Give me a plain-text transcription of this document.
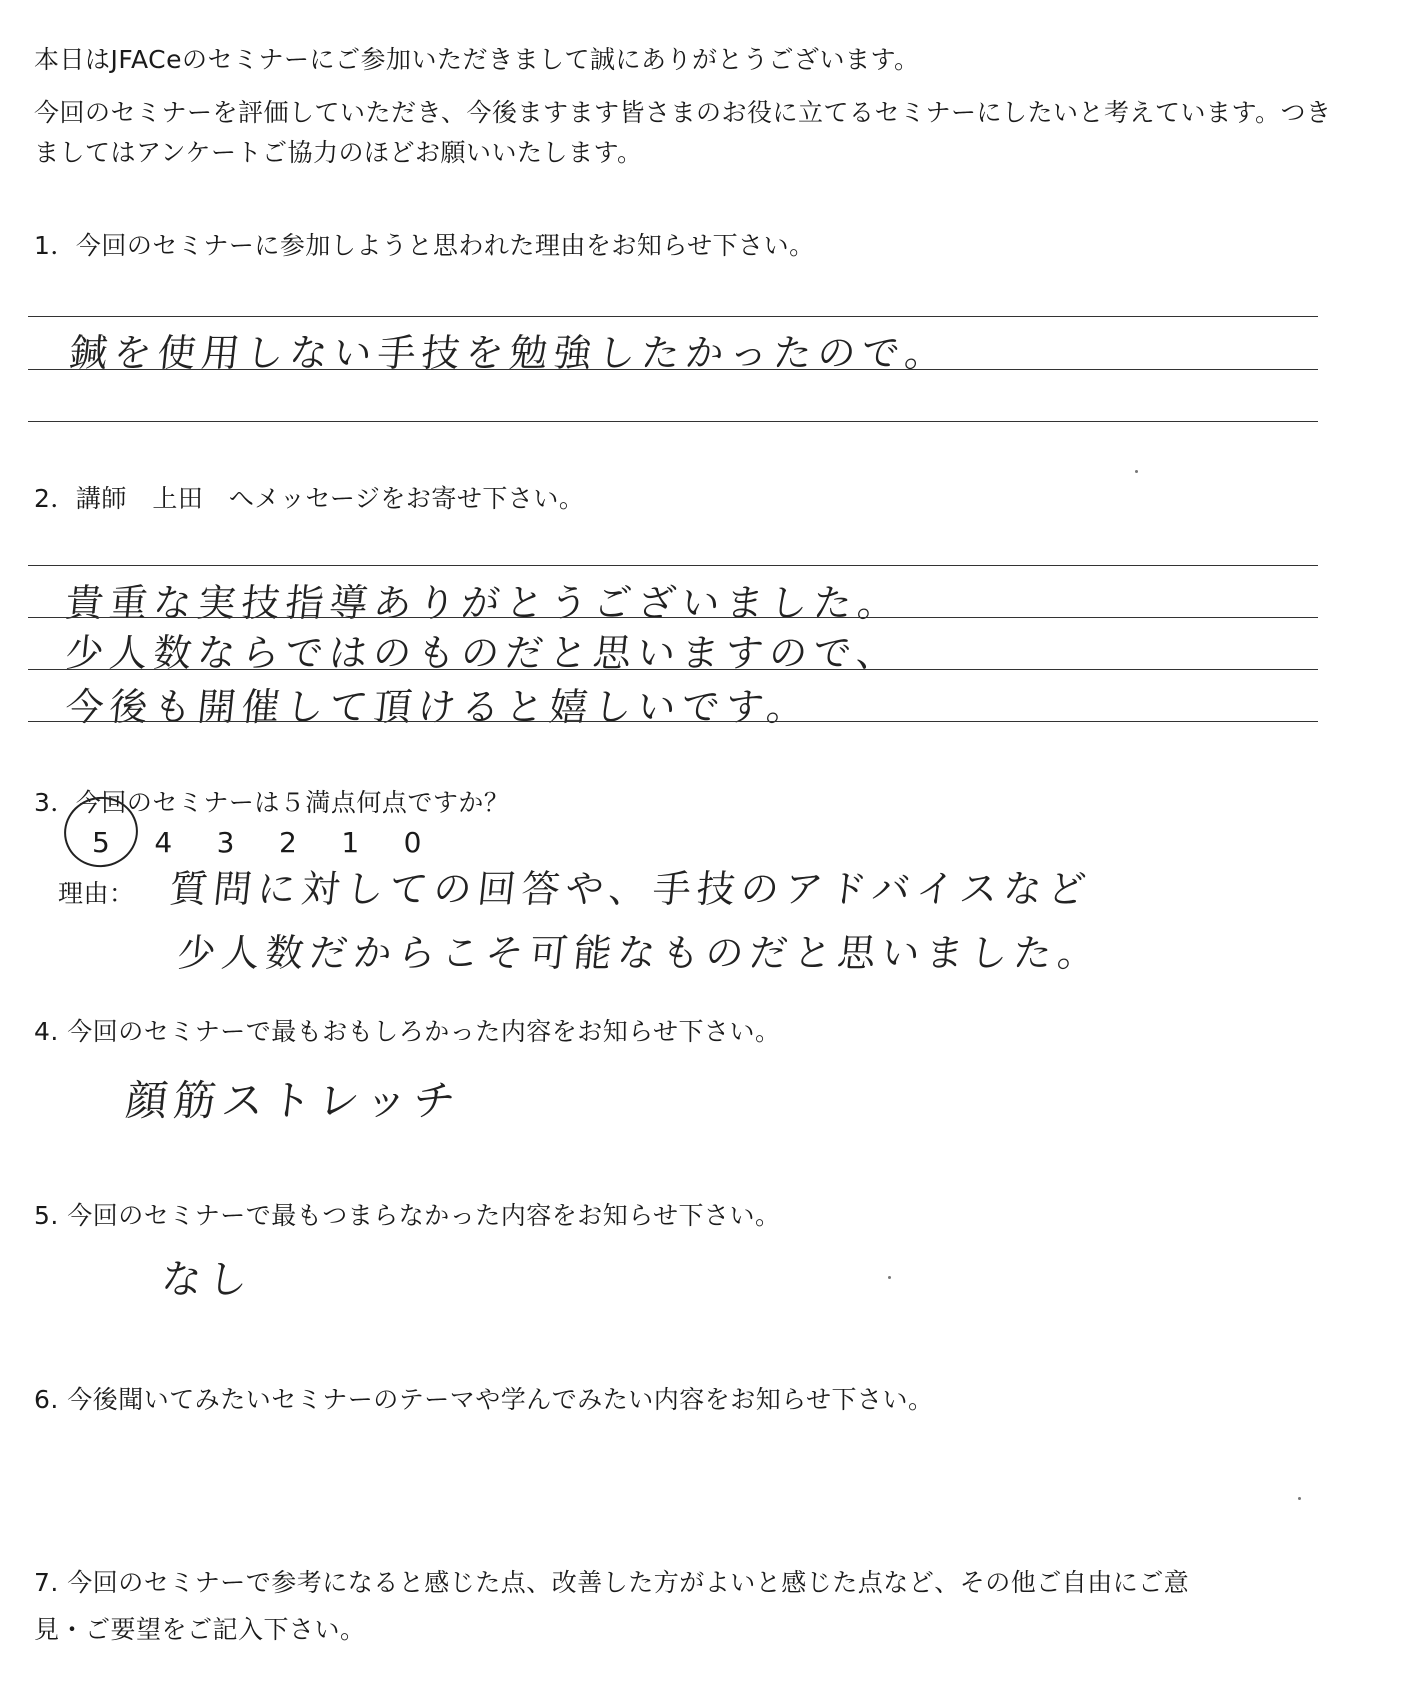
本日はJFACeのセミナーにご参加いただきまして誠にありがとうございます。
今回のセミナーを評価していただき、今後ますます皆さまのお役に立てるセミナーにしたいと考えています。つき
ましてはアンケートご協力のほどお願いいたします。
1．今回のセミナーに参加しようと思われた理由をお知らせ下さい。
鍼を使用しない手技を勉強したかったので。
2．講師　上田　へメッセージをお寄せ下さい。
貴重な実技指導ありがとうございました。
少人数ならではのものだと思いますので、
今後も開催して頂けると嬉しいです。
3．今回のセミナーは５満点何点ですか？
5 4 3 2 1 0
理由： 質問に対しての回答や、手技のアドバイスなど
少人数だからこそ可能なものだと思いました。
4. 今回のセミナーで最もおもしろかった内容をお知らせ下さい。
顔筋ストレッチ
5. 今回のセミナーで最もつまらなかった内容をお知らせ下さい。
なし
6. 今後聞いてみたいセミナーのテーマや学んでみたい内容をお知らせ下さい。
7. 今回のセミナーで参考になると感じた点、改善した方がよいと感じた点など、その他ご自由にご意
見・ご要望をご記入下さい。
